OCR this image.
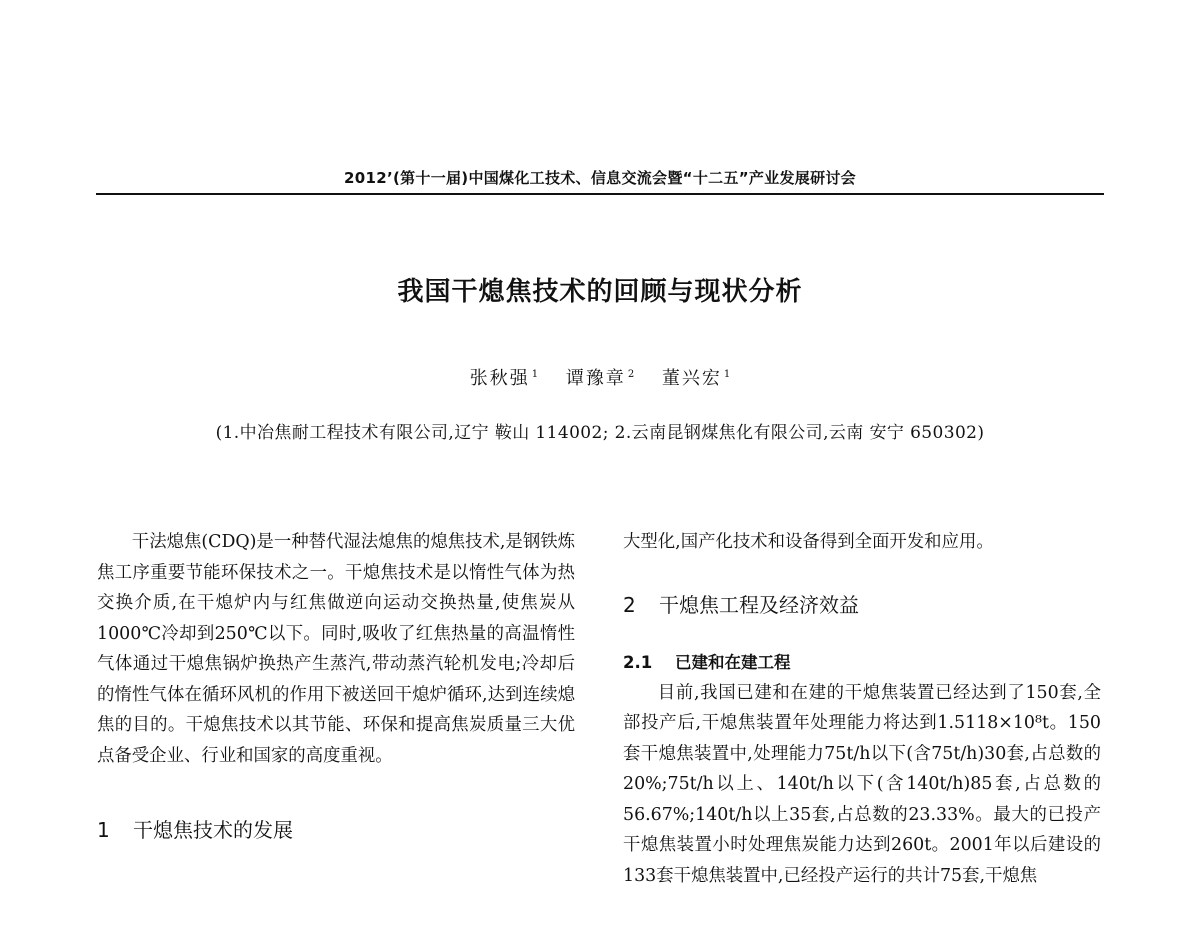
2012’(第十一届)中国煤化工技术、信息交流会暨“十二五”产业发展研讨会
我国干熄焦技术的回顾与现状分析
张秋强 $^1$ 谭豫章 $^2$ 董兴宏 $^1$
(1.中冶焦耐工程技术有限公司,辽宁 鞍山 114002; 2.云南昆钢煤焦化有限公司,云南 安宁 650302)

干法熄焦(CDQ)是一种替代湿法熄焦的熄焦技术,是钢铁炼焦工序重要节能环保技术之一。干熄焦技术是以惰性气体为热交换介质,在干熄炉内与红焦做逆向运动交换热量,使焦炭从1000℃冷却到250℃以下。同时,吸收了红焦热量的高温惰性气体通过干熄焦锅炉换热产生蒸汽,带动蒸汽轮机发电;冷却后的惰性气体在循环风机的作用下被送回干熄炉循环,达到连续熄焦的目的。干熄焦技术以其节能、环保和提高焦炭质量三大优点备受企业、行业和国家的高度重视。

1 干熄焦技术的发展

大型化,国产化技术和设备得到全面开发和应用。

2 干熄焦工程及经济效益

2.1 已建和在建工程

目前,我国已建和在建的干熄焦装置已经达到了150套,全部投产后,干熄焦装置年处理能力将达到1.5118×10⁸t。150套干熄焦装置中,处理能力75t/h以下(含75t/h)30套,占总数的20%;75t/h以上、140t/h以下(含140t/h)85套,占总数的56.67%;140t/h以上35套,占总数的23.33%。最大的已投产干熄焦装置小时处理焦炭能力达到260t。2001年以后建设的133套干熄焦装置中,已经投产运行的共计75套,干熄焦
